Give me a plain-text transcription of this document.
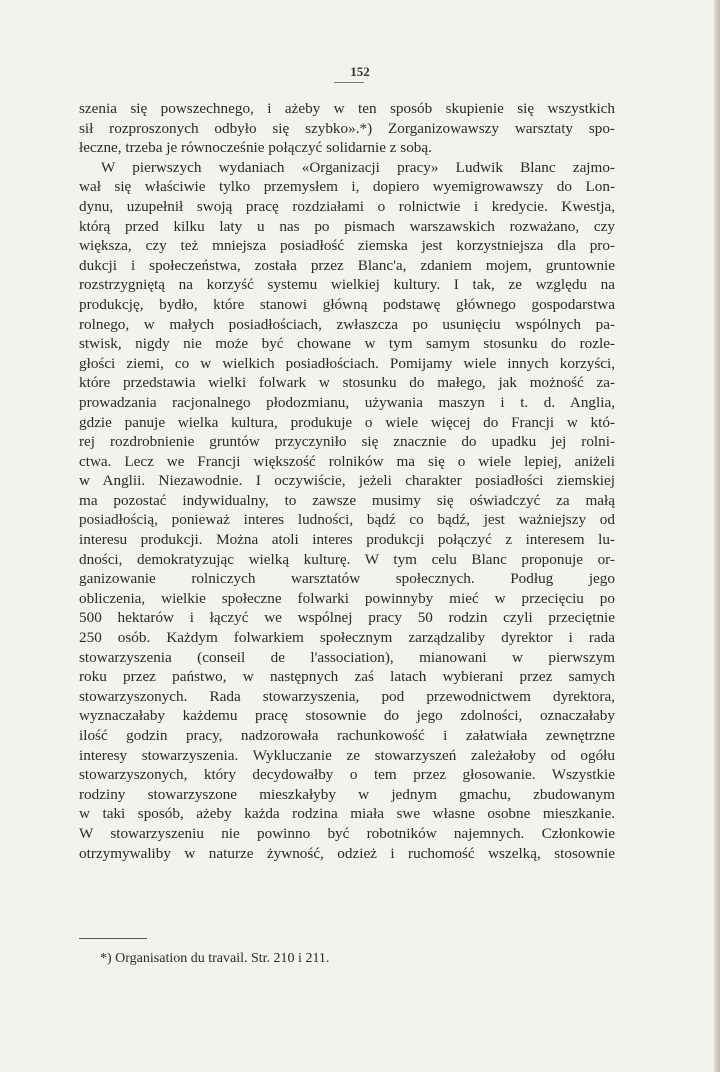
152
szenia się powszechnego, i ażeby w ten sposób skupienie się wszystkich
sił rozproszonych odbyło się szybko».*) Zorganizowawszy warsztaty spo-
łeczne, trzeba je równocześnie połączyć solidarnie z sobą.
W pierwszych wydaniach «Organizacji pracy» Ludwik Blanc zajmo-
wał się właściwie tylko przemysłem i, dopiero wyemigrowawszy do Lon-
dynu, uzupełnił swoją pracę rozdziałami o rolnictwie i kredycie. Kwestja,
którą przed kilku laty u nas po pismach warszawskich rozważano, czy
większa, czy też mniejsza posiadłość ziemska jest korzystniejsza dla pro-
dukcji i społeczeństwa, została przez Blanc'a, zdaniem mojem, gruntownie
rozstrzygniętą na korzyść systemu wielkiej kultury. I tak, ze względu na
produkcję, bydło, które stanowi główną podstawę głównego gospodarstwa
rolnego, w małych posiadłościach, zwłaszcza po usunięciu wspólnych pa-
stwisk, nigdy nie może być chowane w tym samym stosunku do rozle-
głości ziemi, co w wielkich posiadłościach. Pomijamy wiele innych korzyści,
które przedstawia wielki folwark w stosunku do małego, jak możność za-
prowadzania racjonalnego płodozmianu, używania maszyn i t. d. Anglia,
gdzie panuje wielka kultura, produkuje o wiele więcej do Francji w któ-
rej rozdrobnienie gruntów przyczyniło się znacznie do upadku jej rolni-
ctwa. Lecz we Francji większość rolników ma się o wiele lepiej, aniżeli
w Anglii. Niezawodnie. I oczywiście, jeżeli charakter posiadłości ziemskiej
ma pozostać indywidualny, to zawsze musimy się oświadczyć za małą
posiadłością, ponieważ interes ludności, bądź co bądź, jest ważniejszy od
interesu produkcji. Można atoli interes produkcji połączyć z interesem lu-
dności, demokratyzując wielką kulturę. W tym celu Blanc proponuje or-
ganizowanie rolniczych warsztatów społecznych. Podług jego
obliczenia, wielkie społeczne folwarki powinnyby mieć w przecięciu po
500 hektarów i łączyć we wspólnej pracy 50 rodzin czyli przeciętnie
250 osób. Każdym folwarkiem społecznym zarządzaliby dyrektor i rada
stowarzyszenia (conseil de l'association), mianowani w pierwszym
roku przez państwo, w następnych zaś latach wybierani przez samych
stowarzyszonych. Rada stowarzyszenia, pod przewodnictwem dyrektora,
wyznaczałaby każdemu pracę stosownie do jego zdolności, oznaczałaby
ilość godzin pracy, nadzorowała rachunkowość i załatwiała zewnętrzne
interesy stowarzyszenia. Wykluczanie ze stowarzyszeń zależałoby od ogółu
stowarzyszonych, który decydowałby o tem przez głosowanie. Wszystkie
rodziny stowarzyszone mieszkałyby w jednym gmachu, zbudowanym
w taki sposób, ażeby każda rodzina miała swe własne osobne mieszkanie.
W stowarzyszeniu nie powinno być robotników najemnych. Członkowie
otrzymywaliby w naturze żywność, odzież i ruchomość wszelką, stosownie
*) Organisation du travail. Str. 210 i 211.
